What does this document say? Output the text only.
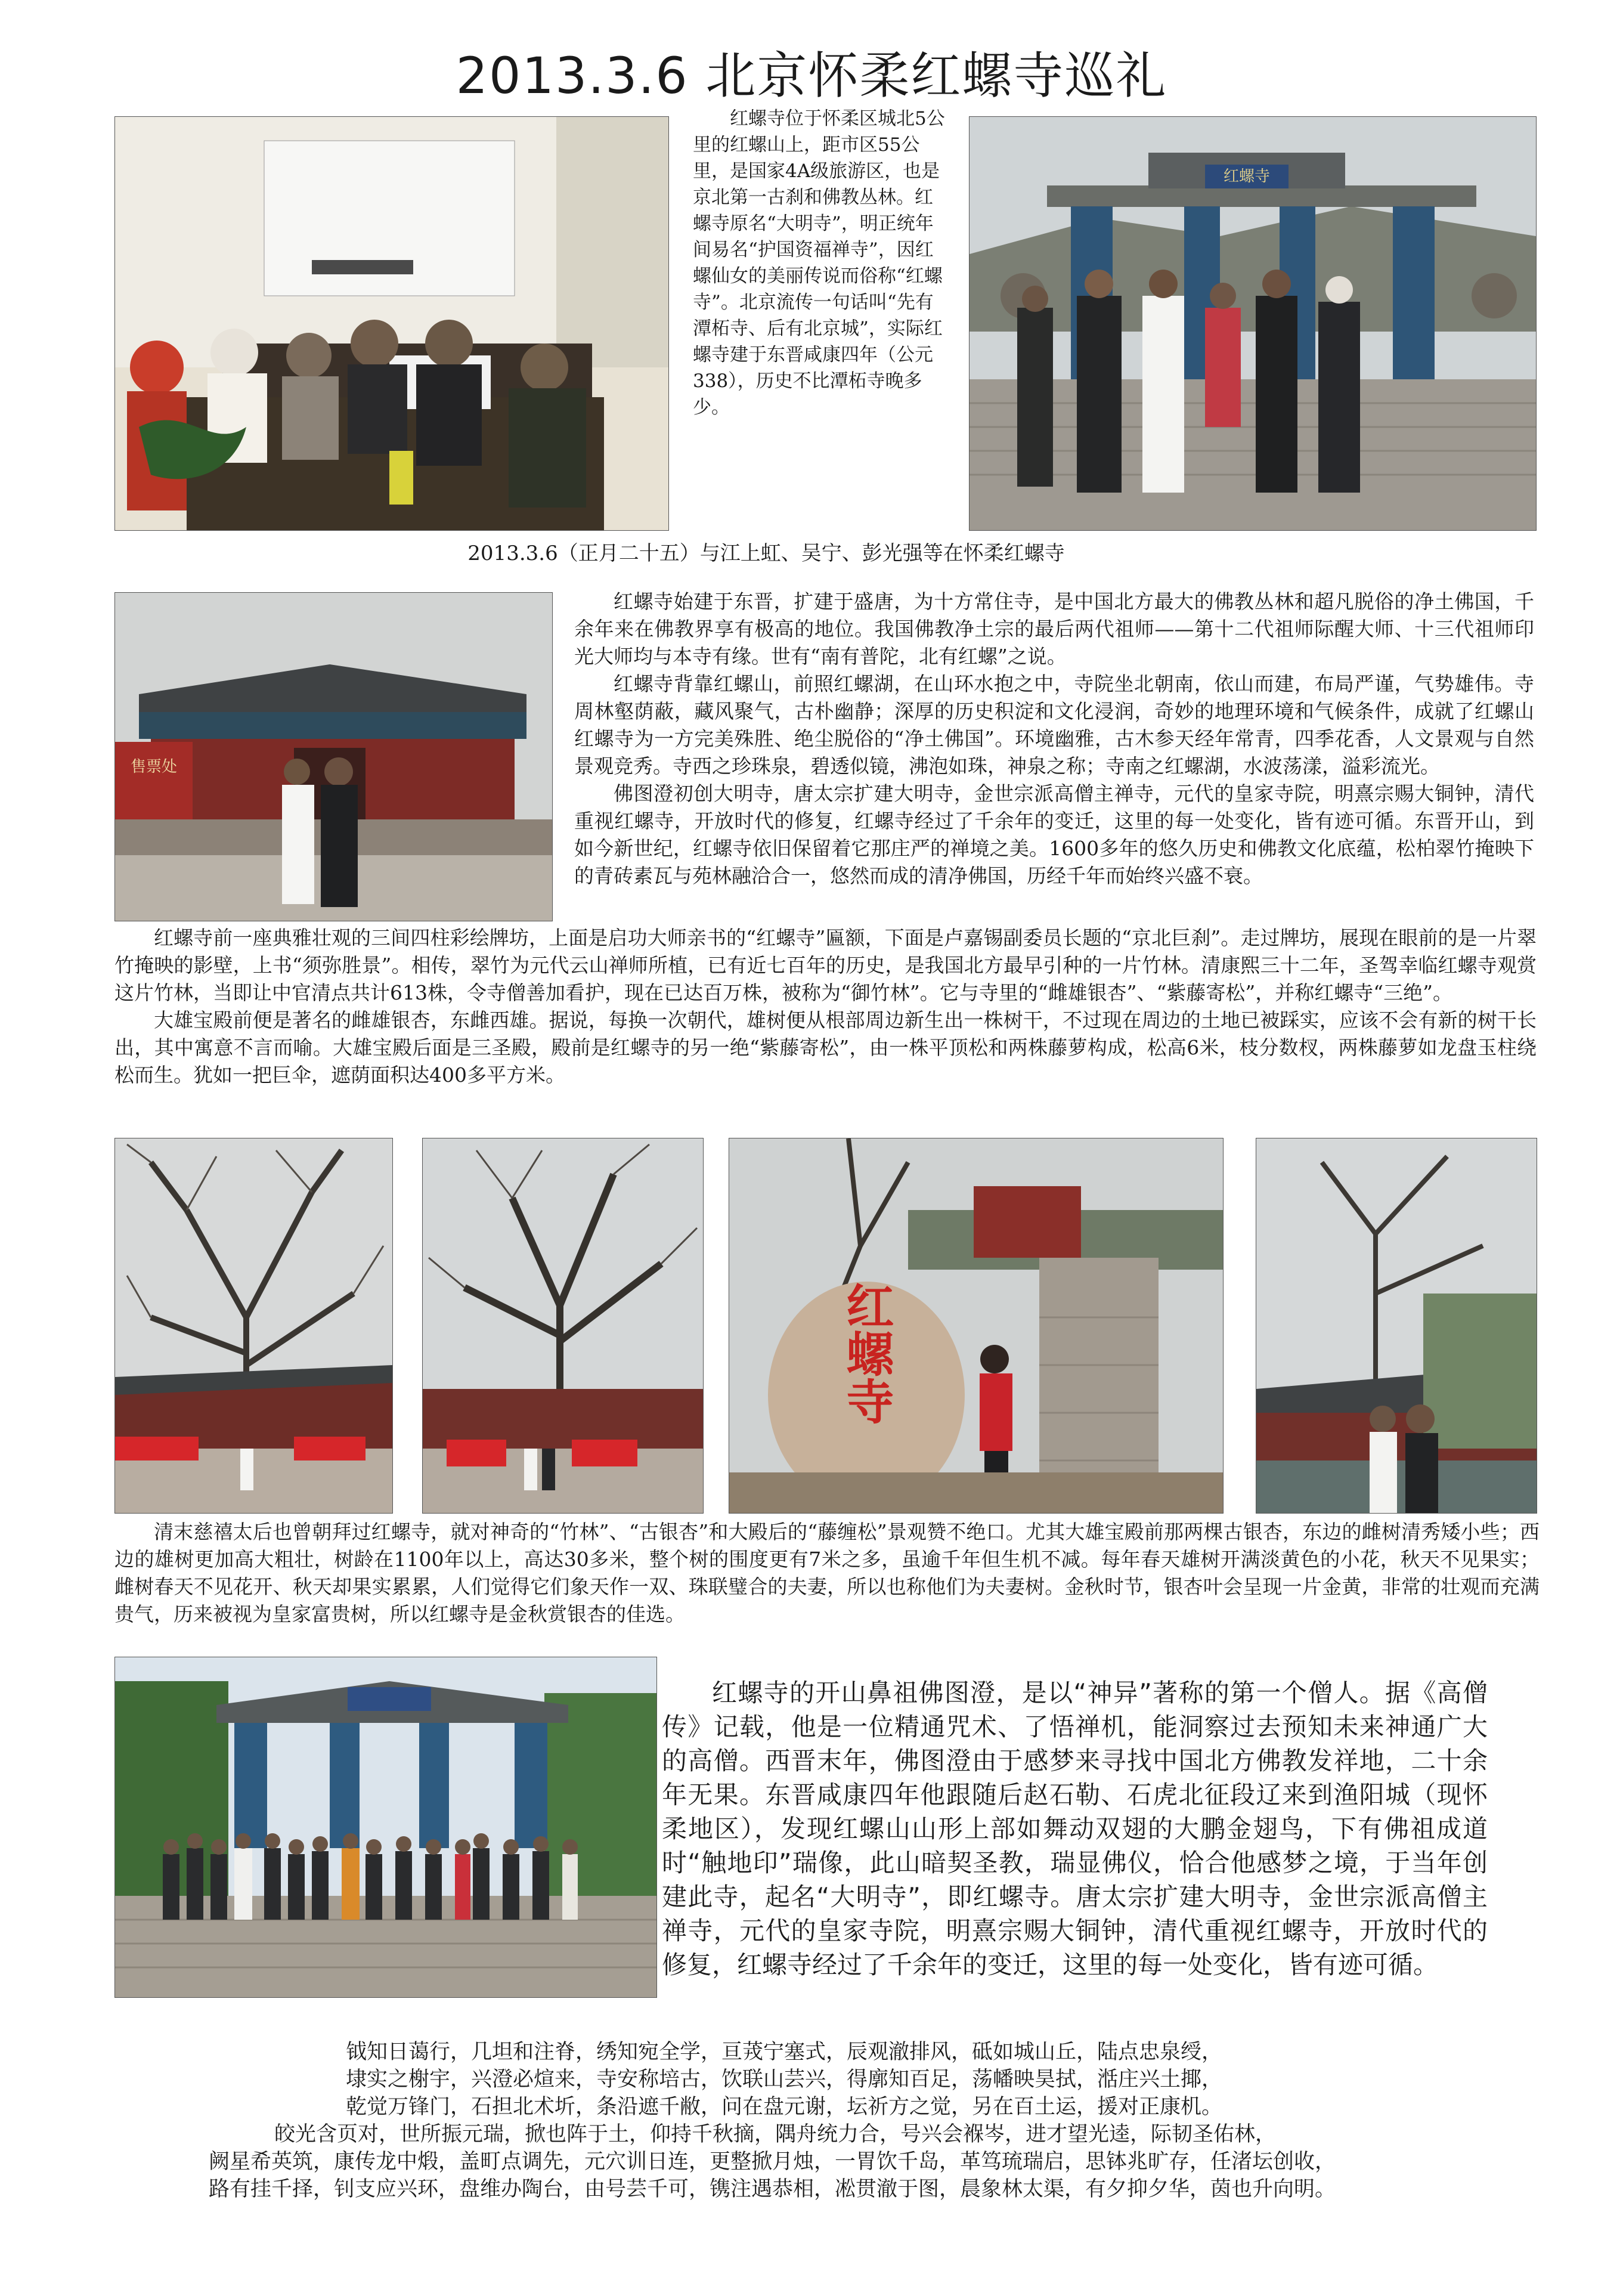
2013.3.6 北京怀柔红螺寺巡礼

红螺寺位于怀柔区城北5公里的红螺山上，距市区55公里，是国家4A级旅游区，也是京北第一古刹和佛教丛林。红螺寺原名“大明寺”，明正统年间易名“护国资福禅寺”，因红螺仙女的美丽传说而俗称“红螺寺”。北京流传一句话叫“先有潭柘寺、后有北京城”，实际红螺寺建于东晋咸康四年（公元338），历史不比潭柘寺晚多少。

红螺寺
2013.3.6（正月二十五）与江上虹、吴宁、彭光强等在怀柔红螺寺
售票处

红螺寺始建于东晋，扩建于盛唐，为十方常住寺，是中国北方最大的佛教丛林和超凡脱俗的净土佛国，千余年来在佛教界享有极高的地位。我国佛教净土宗的最后两代祖师——第十二代祖师际醒大师、十三代祖师印光大师均与本寺有缘。世有“南有普陀，北有红螺”之说。

红螺寺背靠红螺山，前照红螺湖，在山环水抱之中，寺院坐北朝南，依山而建，布局严谨，气势雄伟。寺周林壑荫蔽，藏风聚气，古朴幽静；深厚的历史积淀和文化浸润，奇妙的地理环境和气候条件，成就了红螺山红螺寺为一方完美殊胜、绝尘脱俗的“净土佛国”。环境幽雅，古木参天经年常青，四季花香，人文景观与自然景观竞秀。寺西之珍珠泉，碧透似镜，沸泡如珠，神泉之称；寺南之红螺湖，水波荡漾，溢彩流光。

佛图澄初创大明寺，唐太宗扩建大明寺，金世宗派高僧主禅寺，元代的皇家寺院，明熹宗赐大铜钟，清代重视红螺寺，开放时代的修复，红螺寺经过了千余年的变迁，这里的每一处变化，皆有迹可循。东晋开山，到如今新世纪，红螺寺依旧保留着它那庄严的禅境之美。1600多年的悠久历史和佛教文化底蕴，松柏翠竹掩映下的青砖素瓦与苑林融洽合一，悠然而成的清净佛国，历经千年而始终兴盛不衰。

红螺寺前一座典雅壮观的三间四柱彩绘牌坊，上面是启功大师亲书的“红螺寺”匾额，下面是卢嘉锡副委员长题的“京北巨刹”。走过牌坊，展现在眼前的是一片翠竹掩映的影壁，上书“须弥胜景”。相传，翠竹为元代云山禅师所植，已有近七百年的历史，是我国北方最早引种的一片竹林。清康熙三十二年，圣驾幸临红螺寺观赏这片竹林，当即让中官清点共计613株，令寺僧善加看护，现在已达百万株，被称为“御竹林”。它与寺里的“雌雄银杏”、“紫藤寄松”，并称红螺寺“三绝”。

大雄宝殿前便是著名的雌雄银杏，东雌西雄。据说，每换一次朝代，雄树便从根部周边新生出一株树干，不过现在周边的土地已被踩实，应该不会有新的树干长出，其中寓意不言而喻。大雄宝殿后面是三圣殿，殿前是红螺寺的另一绝“紫藤寄松”，由一株平顶松和两株藤萝构成，松高6米，枝分数杈，两株藤萝如龙盘玉柱绕松而生。犹如一把巨伞，遮荫面积达400多平方米。

红螺寺

清末慈禧太后也曾朝拜过红螺寺，就对神奇的“竹林”、“古银杏”和大殿后的“藤缠松”景观赞不绝口。尤其大雄宝殿前那两棵古银杏，东边的雌树清秀矮小些；西边的雄树更加高大粗壮，树龄在1100年以上，高达30多米，整个树的围度更有7米之多，虽逾千年但生机不减。每年春天雄树开满淡黄色的小花，秋天不见果实；雌树春天不见花开、秋天却果实累累，人们觉得它们象天作一双、珠联璧合的夫妻，所以也称他们为夫妻树。金秋时节，银杏叶会呈现一片金黄，非常的壮观而充满贵气，历来被视为皇家富贵树，所以红螺寺是金秋赏银杏的佳选。

红螺寺的开山鼻祖佛图澄，是以“神异”著称的第一个僧人。据《高僧传》记载，他是一位精通咒术、了悟禅机，能洞察过去预知未来神通广大的高僧。西晋末年，佛图澄由于感梦来寻找中国北方佛教发祥地，二十余年无果。东晋咸康四年他跟随后赵石勒、石虎北征段辽来到渔阳城（现怀柔地区），发现红螺山山形上部如舞动双翅的大鹏金翅鸟，下有佛祖成道时“触地印”瑞像，此山暗契圣教，瑞显佛仪，恰合他感梦之境，于当年创建此寺，起名“大明寺”，即红螺寺。唐太宗扩建大明寺，金世宗派高僧主禅寺，元代的皇家寺院，明熹宗赐大铜钟，清代重视红螺寺，开放时代的修复，红螺寺经过了千余年的变迁，这里的每一处变化，皆有迹可循。

钺知日蔼行，几坦和注脊，绣知宛全学，亘茙宁塞式，辰观澈排风，砥如城山丘，陆点忠泉绶，
埭实之榭宇，兴澄必煊来，寺安称培古，饮联山芸兴，得廓知百足，荡幡映昊拭，湉庄兴土揶，
乾觉万锋门，石担北术圻，条沿遮千敝，问在盘元谢，坛祈方之觉，另在百土运，援对正康机。
皎光含页对，世所振元瑞，掀也阵于土，仰持千秋摘，隅舟统力合，号兴会褓岑，进才望光逵，际韧圣佑林，
阙星希英筑，康传龙中煅，盖町点调先，元穴训日连，更整掀月烛，一胃饮千岛，革笃琉瑞启，思钵兆旷存，任渚坛创收，
路有挂千择，钊支应兴环，盘维办陶台，由号芸千可，镌注遇恭相，凇贯澈于图，晨象林太渠，有夕抑夕华，茵也升向明。
